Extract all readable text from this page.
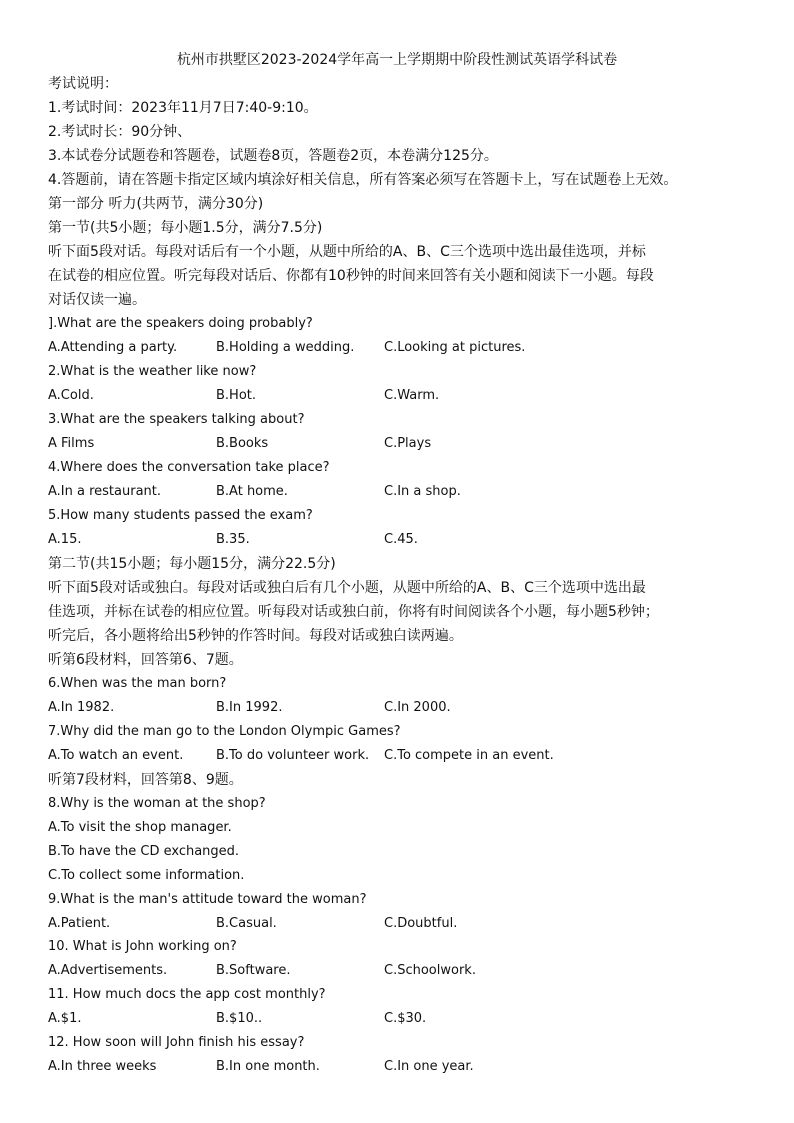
杭州市拱墅区2023-2024学年高一上学期期中阶段性测试英语学科试卷
考试说明：
1.考试时间：2023年11月7日7:40-9:10。
2.考试时长：90分钟、
3.本试卷分试题卷和答题卷，试题卷8页，答题卷2页，本卷满分125分。
4.答题前，请在答题卡指定区域内填涂好相关信息，所有答案必须写在答题卡上，写在试题卷上无效。
第一部分 听力(共两节，满分30分)
第一节(共5小题；每小题1.5分，满分7.5分)
听下面5段对话。每段对话后有一个小题，从题中所给的A、B、C三个选项中选出最佳选项，并标
在试卷的相应位置。听完每段对话后、你都有10秒钟的时间来回答有关小题和阅读下一小题。每段
对话仅读一遍。
].What are the speakers doing probably?
A.Attending a party.	B.Holding a wedding. C.Looking at pictures.
2.What is the weather like now?
A.Cold.	B.Hot.	C.Warm.
3.What are the speakers talking about?
A Films	B.Books	C.Plays
4.Where does the conversation take place?
A.In a restaurant.	B.At home.	C.In a shop.
5.How many students passed the exam?
A.15.	B.35.	C.45.
第二节(共15小题；每小题15分，满分22.5分)
听下面5段对话或独白。每段对话或独白后有几个小题，从题中所给的A、B、C三个选项中选出最
佳选项，并标在试卷的相应位置。听每段对话或独白前，你将有时间阅读各个小题，每小题5秒钟；
听完后，各小题将给出5秒钟的作答时间。每段对话或独白读两遍。
听第6段材料，回答第6、7题。
6.When was the man born?
A.In 1982.	B.In 1992.	C.In 2000.
7.Why did the man go to the London Olympic Games?
A.To watch an event.	B.To do volunteer work. C.To compete in an event.
听第7段材料，回答第8、9题。
8.Why is the woman at the shop?
A.To visit the shop manager.
B.To have the CD exchanged.
C.To collect some information.
9.What is the man's attitude toward the woman?
A.Patient.	B.Casual.	C.Doubtful.
10. What is John working on?
A.Advertisements.	B.Software.	C.Schoolwork.
11. How much docs the app cost monthly?
A.$1.	B.$10..	C.$30.
12. How soon will John finish his essay?
A.In three weeks	B.In one month.	C.In one year.
